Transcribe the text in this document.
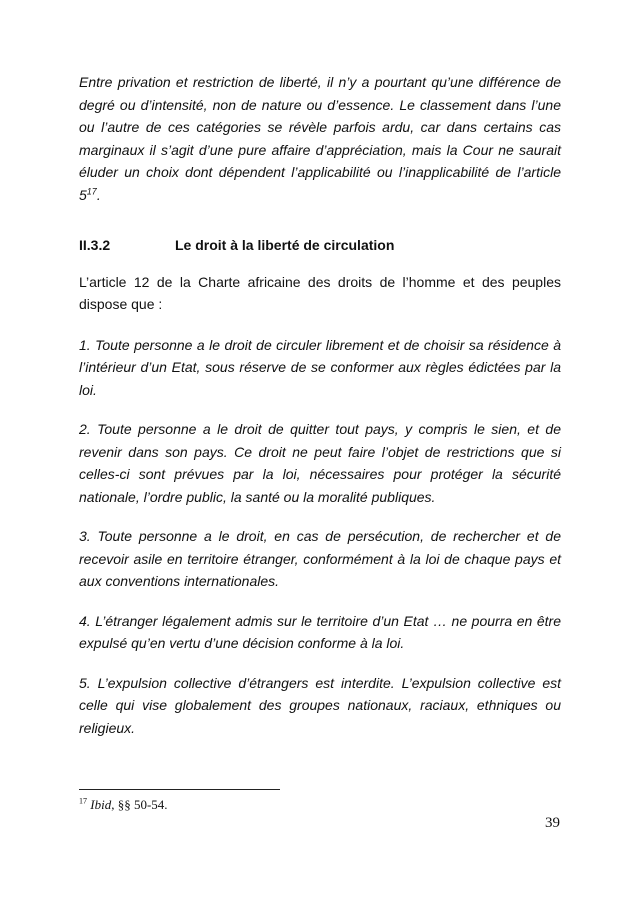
Entre privation et restriction de liberté, il n’y a pourtant qu’une différence de degré ou d’intensité, non de nature ou d’essence. Le classement dans l’une ou l’autre de ces catégories se révèle parfois ardu, car dans certains cas marginaux il s’agit d’une pure affaire d’appréciation, mais la Cour ne saurait éluder un choix dont dépendent l’applicabilité ou l’inapplicabilité de l’article $5^{17}$.

II.3.2	Le droit à la liberté de circulation

L’article 12 de la Charte africaine des droits de l’homme et des peuples dispose que :

1. Toute personne a le droit de circuler librement et de choisir sa résidence à l’intérieur d’un Etat, sous réserve de se conformer aux règles édictées par la loi.

2. Toute personne a le droit de quitter tout pays, y compris le sien, et de revenir dans son pays. Ce droit ne peut faire l’objet de restrictions que si celles-ci sont prévues par la loi, nécessaires pour protéger la sécurité nationale, l’ordre public, la santé ou la moralité publiques.

3. Toute personne a le droit, en cas de persécution, de rechercher et de recevoir asile en territoire étranger, conformément à la loi de chaque pays et aux conventions internationales.

4. L’étranger légalement admis sur le territoire d’un Etat … ne pourra en être expulsé qu’en vertu d’une décision conforme à la loi.

5. L’expulsion collective d’étrangers est interdite. L’expulsion collective est celle qui vise globalement des groupes nationaux, raciaux, ethniques ou religieux.

$^{17}$ Ibid, §§ 50-54.
39
